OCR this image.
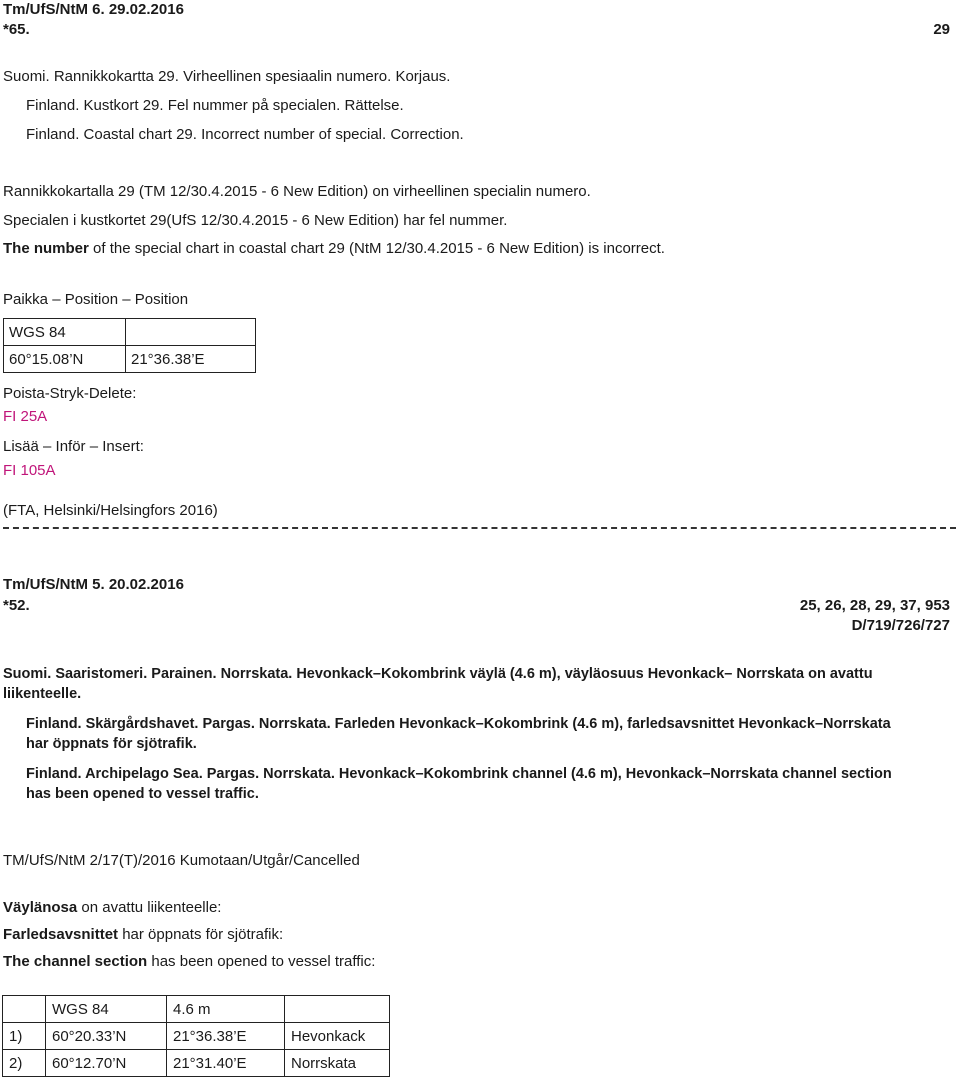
Tm/UfS/NtM 6. 29.02.2016
*65.	29
Suomi. Rannikkokartta 29. Virheellinen spesiaalin numero. Korjaus.
Finland. Kustkort 29. Fel nummer på specialen. Rättelse.
Finland. Coastal chart 29. Incorrect number of special. Correction.
Rannikkokartalla 29 (TM 12/30.4.2015 - 6 New Edition) on virheellinen specialin numero.
Specialen i kustkortet 29(UfS 12/30.4.2015 - 6 New Edition) har fel nummer.
The number of the special chart in coastal chart 29 (NtM 12/30.4.2015 - 6 New Edition) is incorrect.
Paikka – Position – Position
WGS 84	
60°15.08’N	21°36.38’E
Poista-Stryk-Delete:
FI 25A
Lisää – Inför – Insert:
FI 105A
(FTA, Helsinki/Helsingfors 2016)
Tm/UfS/NtM 5. 20.02.2016
*52.	25, 26, 28, 29, 37, 953
D/719/726/727
Suomi. Saaristomeri. Parainen. Norrskata. Hevonkack–Kokombrink väylä (4.6 m), väyläosuus Hevonkack– Norrskata on avattu
liikenteelle.
Finland. Skärgårdshavet. Pargas. Norrskata. Farleden Hevonkack–Kokombrink (4.6 m), farledsavsnittet Hevonkack–Norrskata
har öppnats för sjötrafik.
Finland. Archipelago Sea. Pargas. Norrskata. Hevonkack–Kokombrink channel (4.6 m), Hevonkack–Norrskata channel section
has been opened to vessel traffic.
TM/UfS/NtM 2/17(T)/2016 Kumotaan/Utgår/Cancelled
Väylänosa on avattu liikenteelle:
Farledsavsnittet har öppnats för sjötrafik:
The channel section has been opened to vessel traffic:
	WGS 84	4.6 m	
1)	60°20.33’N	21°36.38’E	Hevonkack
2)	60°12.70’N	21°31.40’E	Norrskata
